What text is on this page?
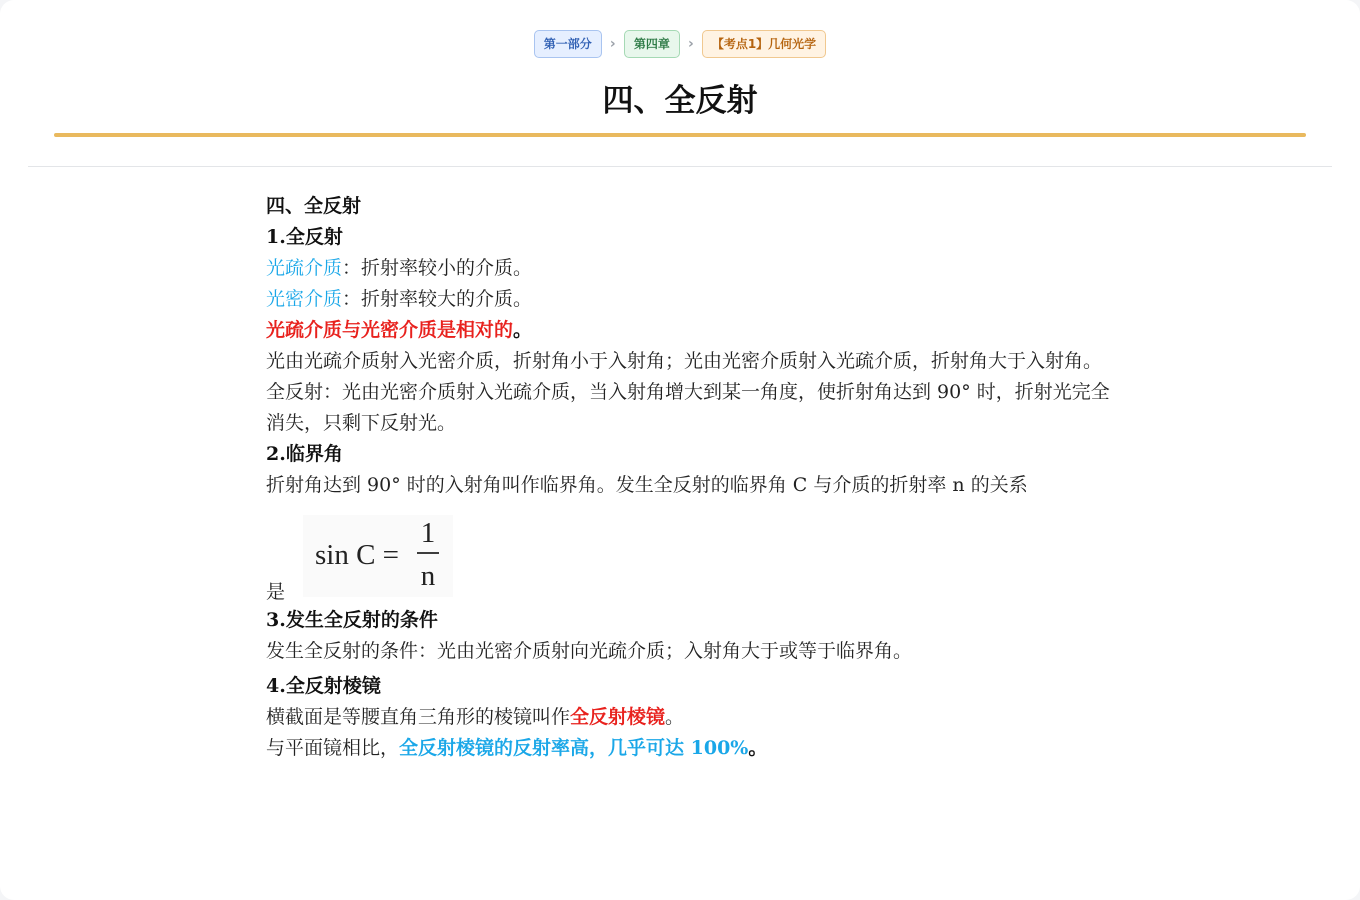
第一部分	›	第四章	›	【考点1】几何光学
四、全反射

四、全反射

1.全反射

光疏介质：折射率较小的介质。

光密介质：折射率较大的介质。

光疏介质与光密介质是相对的。

光由光疏介质射入光密介质，折射角小于入射角；光由光密介质射入光疏介质，折射角大于入射角。

全反射：光由光密介质射入光疏介质，当入射角增大到某一角度，使折射角达到 90° 时，折射光完全消失，只剩下反射光。

2.临界角

折射角达到 90° 时的入射角叫作临界角。发生全反射的临界角 C 与介质的折射率 n 的关系

是
sin C =
1
n

3.发生全反射的条件

发生全反射的条件：光由光密介质射向光疏介质；入射角大于或等于临界角。

4.全反射棱镜

横截面是等腰直角三角形的棱镜叫作全反射棱镜。

与平面镜相比，全反射棱镜的反射率高，几乎可达 100%。
